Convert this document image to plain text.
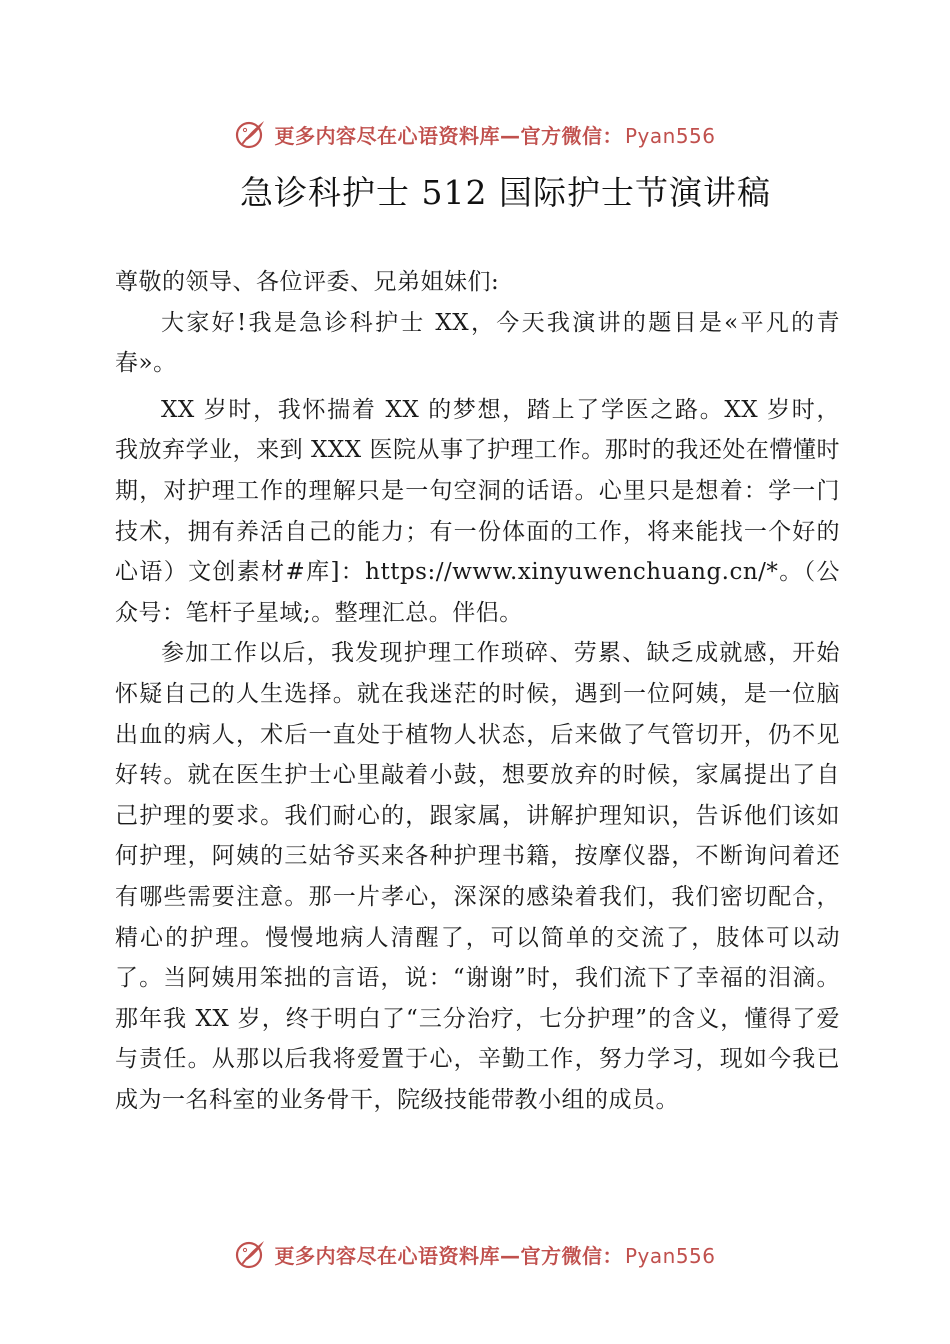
更多内容尽在心语资料库—官方微信： Pyan556
急诊科护士 512 国际护士节演讲稿

尊敬的领导、各位评委、兄弟姐妹们:

大家好!我是急诊科护士 XX，今天我演讲的题目是«平凡的青春»。

XX 岁时，我怀揣着 XX 的梦想，踏上了学医之路。XX 岁时， 我放弃学业，来到 XXX 医院从事了护理工作。那时的我还处在懵懂时期，对护理工作的理解只是一句空洞的话语。心里只是想着：学一门技术，拥有养活自己的能力；有一份体面的工作，将来能找一个好的心语）文创素材#库]：https://www.xinyuwenchuang.cn/*。（公众号：笔杆子星域;。整理汇总。伴侣。

参加工作以后，我发现护理工作琐碎、劳累、缺乏成就感，开始怀疑自己的人生选择。就在我迷茫的时候，遇到一位阿姨，是一位脑出血的病人，术后一直处于植物人状态，后来做了气管切开，仍不见好转。就在医生护士心里敲着小鼓，想要放弃的时候，家属提出了自己护理的要求。我们耐心的，跟家属，讲解护理知识，告诉他们该如何护理，阿姨的三姑爷买来各种护理书籍，按摩仪器，不断询问着还有哪些需要注意。那一片孝心，深深的感染着我们，我们密切配合，精心的护理。慢慢地病人清醒了，可以简单的交流了，肢体可以动了。当阿姨用笨拙的言语，说：“谢谢”时，我们流下了幸福的泪滴。那年我 XX 岁，终于明白了“三分治疗，七分护理”的含义，懂得了爱与责任。从那以后我将爱置于心，辛勤工作，努力学习，现如今我已成为一名科室的业务骨干，院级技能带教小组的成员。

更多内容尽在心语资料库—官方微信： Pyan556
